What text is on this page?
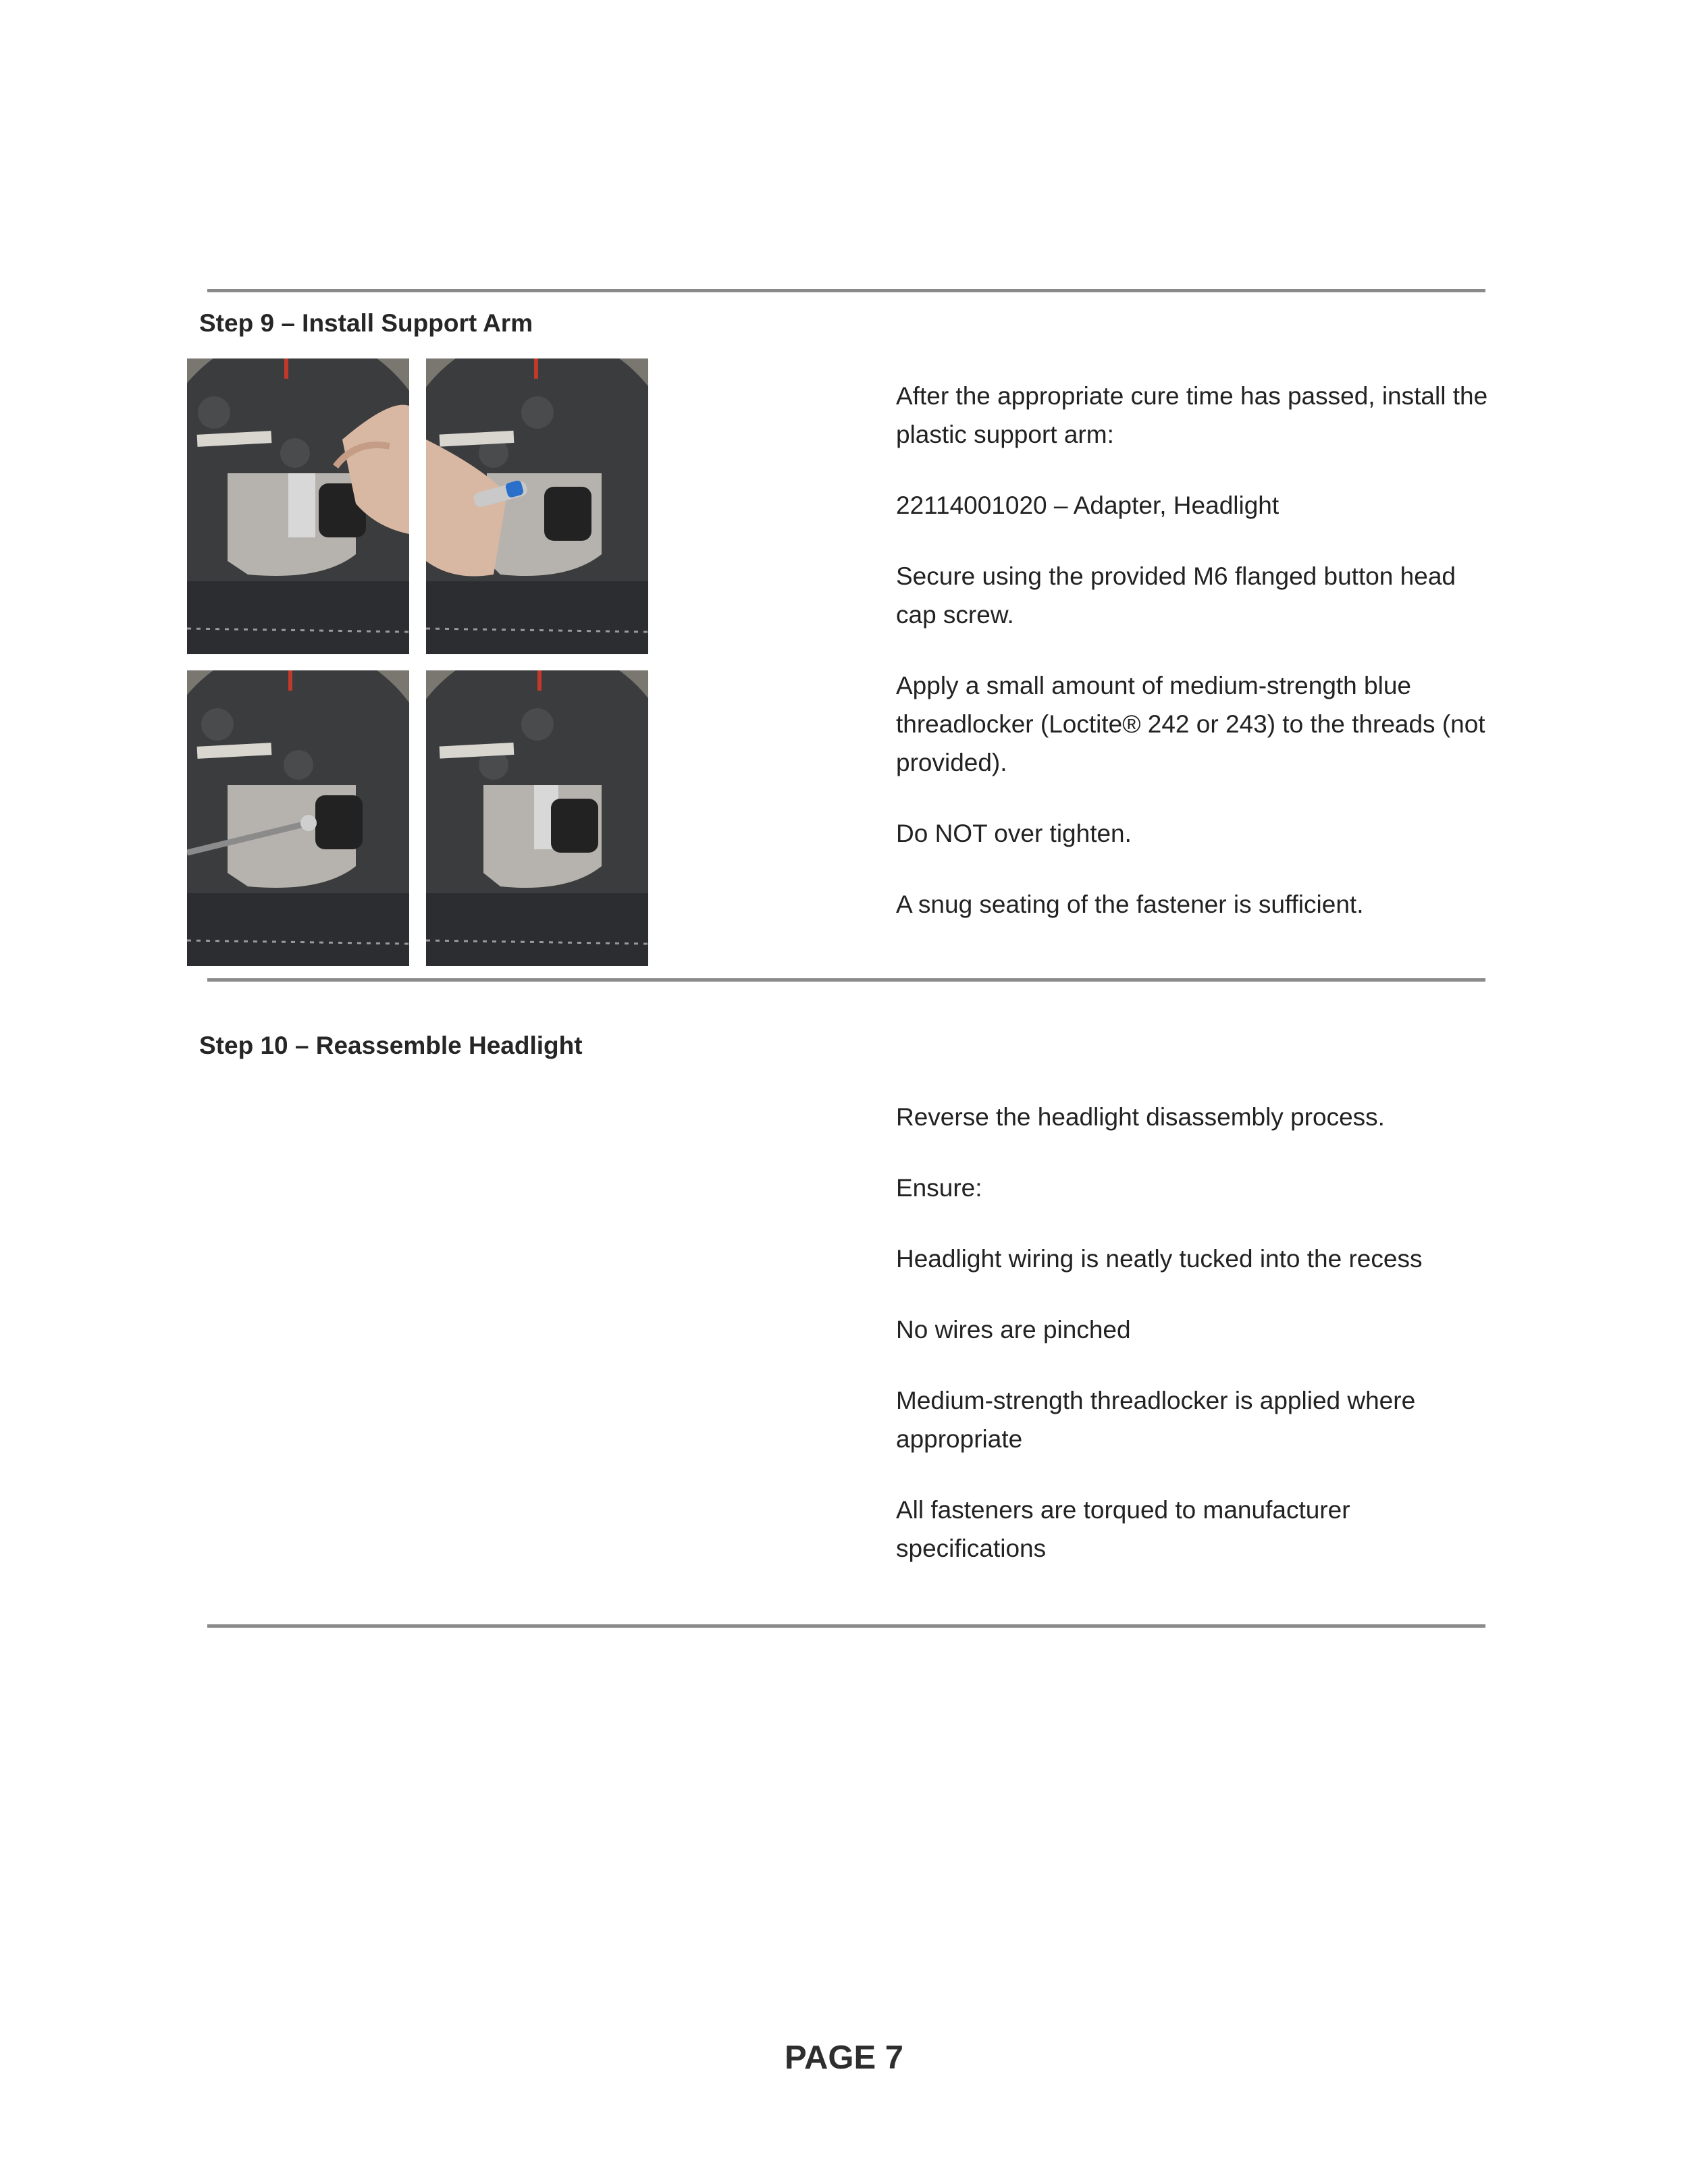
Step 9 – Install Support Arm

After the appropriate cure time has passed, install the plastic support arm:

22114001020 – Adapter, Headlight

Secure using the provided M6 flanged button head cap screw.

Apply a small amount of medium-strength blue threadlocker (Loctite® 242 or 243) to the threads (not provided).

Do NOT over tighten.

A snug seating of the fastener is sufficient.

Step 10 – Reassemble Headlight

Reverse the headlight disassembly process.

Ensure:

Headlight wiring is neatly tucked into the recess

No wires are pinched

Medium-strength threadlocker is applied where appropriate

All fasteners are torqued to manufacturer specifications

PAGE 7
